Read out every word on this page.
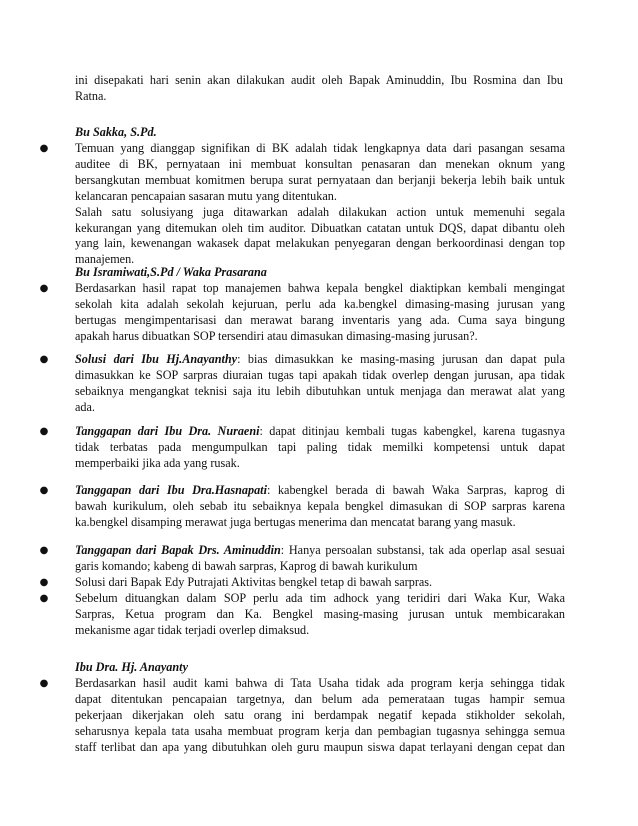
ini disepakati hari senin akan dilakukan audit oleh Bapak Aminuddin, Ibu Rosmina dan Ibu
Ratna.
Bu Sakka, S.Pd.
● Temuan yang dianggap signifikan di BK adalah tidak lengkapnya data dari pasangan sesama
auditee di BK, pernyataan ini membuat konsultan penasaran dan menekan oknum yang
bersangkutan membuat komitmen berupa surat pernyataan dan berjanji bekerja lebih baik untuk
kelancaran pencapaian sasaran mutu yang ditentukan.
Salah satu solusiyang juga ditawarkan adalah dilakukan action untuk memenuhi segala
kekurangan yang ditemukan oleh tim auditor. Dibuatkan catatan untuk DQS, dapat dibantu oleh
yang lain, kewenangan wakasek dapat melakukan penyegaran dengan berkoordinasi dengan top
manajemen.
Bu Isramiwati,S.Pd / Waka Prasarana
● Berdasarkan hasil rapat top manajemen bahwa kepala bengkel diaktipkan kembali mengingat
sekolah kita adalah sekolah kejuruan, perlu ada ka.bengkel dimasing-masing jurusan yang
bertugas mengimpentarisasi dan merawat barang inventaris yang ada. Cuma saya bingung
apakah harus dibuatkan SOP tersendiri atau dimasukan dimasing-masing jurusan?.
● Solusi dari Ibu Hj.Anayanthy: bias dimasukkan ke masing-masing jurusan dan dapat pula
dimasukkan ke SOP sarpras diuraian tugas tapi apakah tidak overlep dengan jurusan, apa tidak
sebaiknya mengangkat teknisi saja itu lebih dibutuhkan untuk menjaga dan merawat alat yang
ada.
● Tanggapan dari Ibu Dra. Nuraeni: dapat ditinjau kembali tugas kabengkel, karena tugasnya
tidak terbatas pada mengumpulkan tapi paling tidak memilki kompetensi untuk dapat
memperbaiki jika ada yang rusak.
● Tanggapan dari Ibu Dra.Hasnapati: kabengkel berada di bawah Waka Sarpras, kaprog di
bawah kurikulum, oleh sebab itu sebaiknya kepala bengkel dimasukan di SOP sarpras karena
ka.bengkel disamping merawat juga bertugas menerima dan mencatat barang yang masuk.
● Tanggapan dari Bapak Drs. Aminuddin: Hanya persoalan substansi, tak ada operlap asal sesuai
garis komando; kabeng di bawah sarpras, Kaprog di bawah kurikulum
● Solusi dari Bapak Edy Putrajati Aktivitas bengkel tetap di bawah sarpras.
● Sebelum dituangkan dalam SOP perlu ada tim adhock yang teridiri dari Waka Kur, Waka
Sarpras, Ketua program dan Ka. Bengkel masing-masing jurusan untuk membicarakan
mekanisme agar tidak terjadi overlep dimaksud.
Ibu Dra. Hj. Anayanty
● Berdasarkan hasil audit kami bahwa di Tata Usaha tidak ada program kerja sehingga tidak
dapat ditentukan pencapaian targetnya, dan belum ada pemerataan tugas hampir semua
pekerjaan dikerjakan oleh satu orang ini berdampak negatif kepada stikholder sekolah,
seharusnya kepala tata usaha membuat program kerja dan pembagian tugasnya sehingga semua
staff terlibat dan apa yang dibutuhkan oleh guru maupun siswa dapat terlayani dengan cepat dan
